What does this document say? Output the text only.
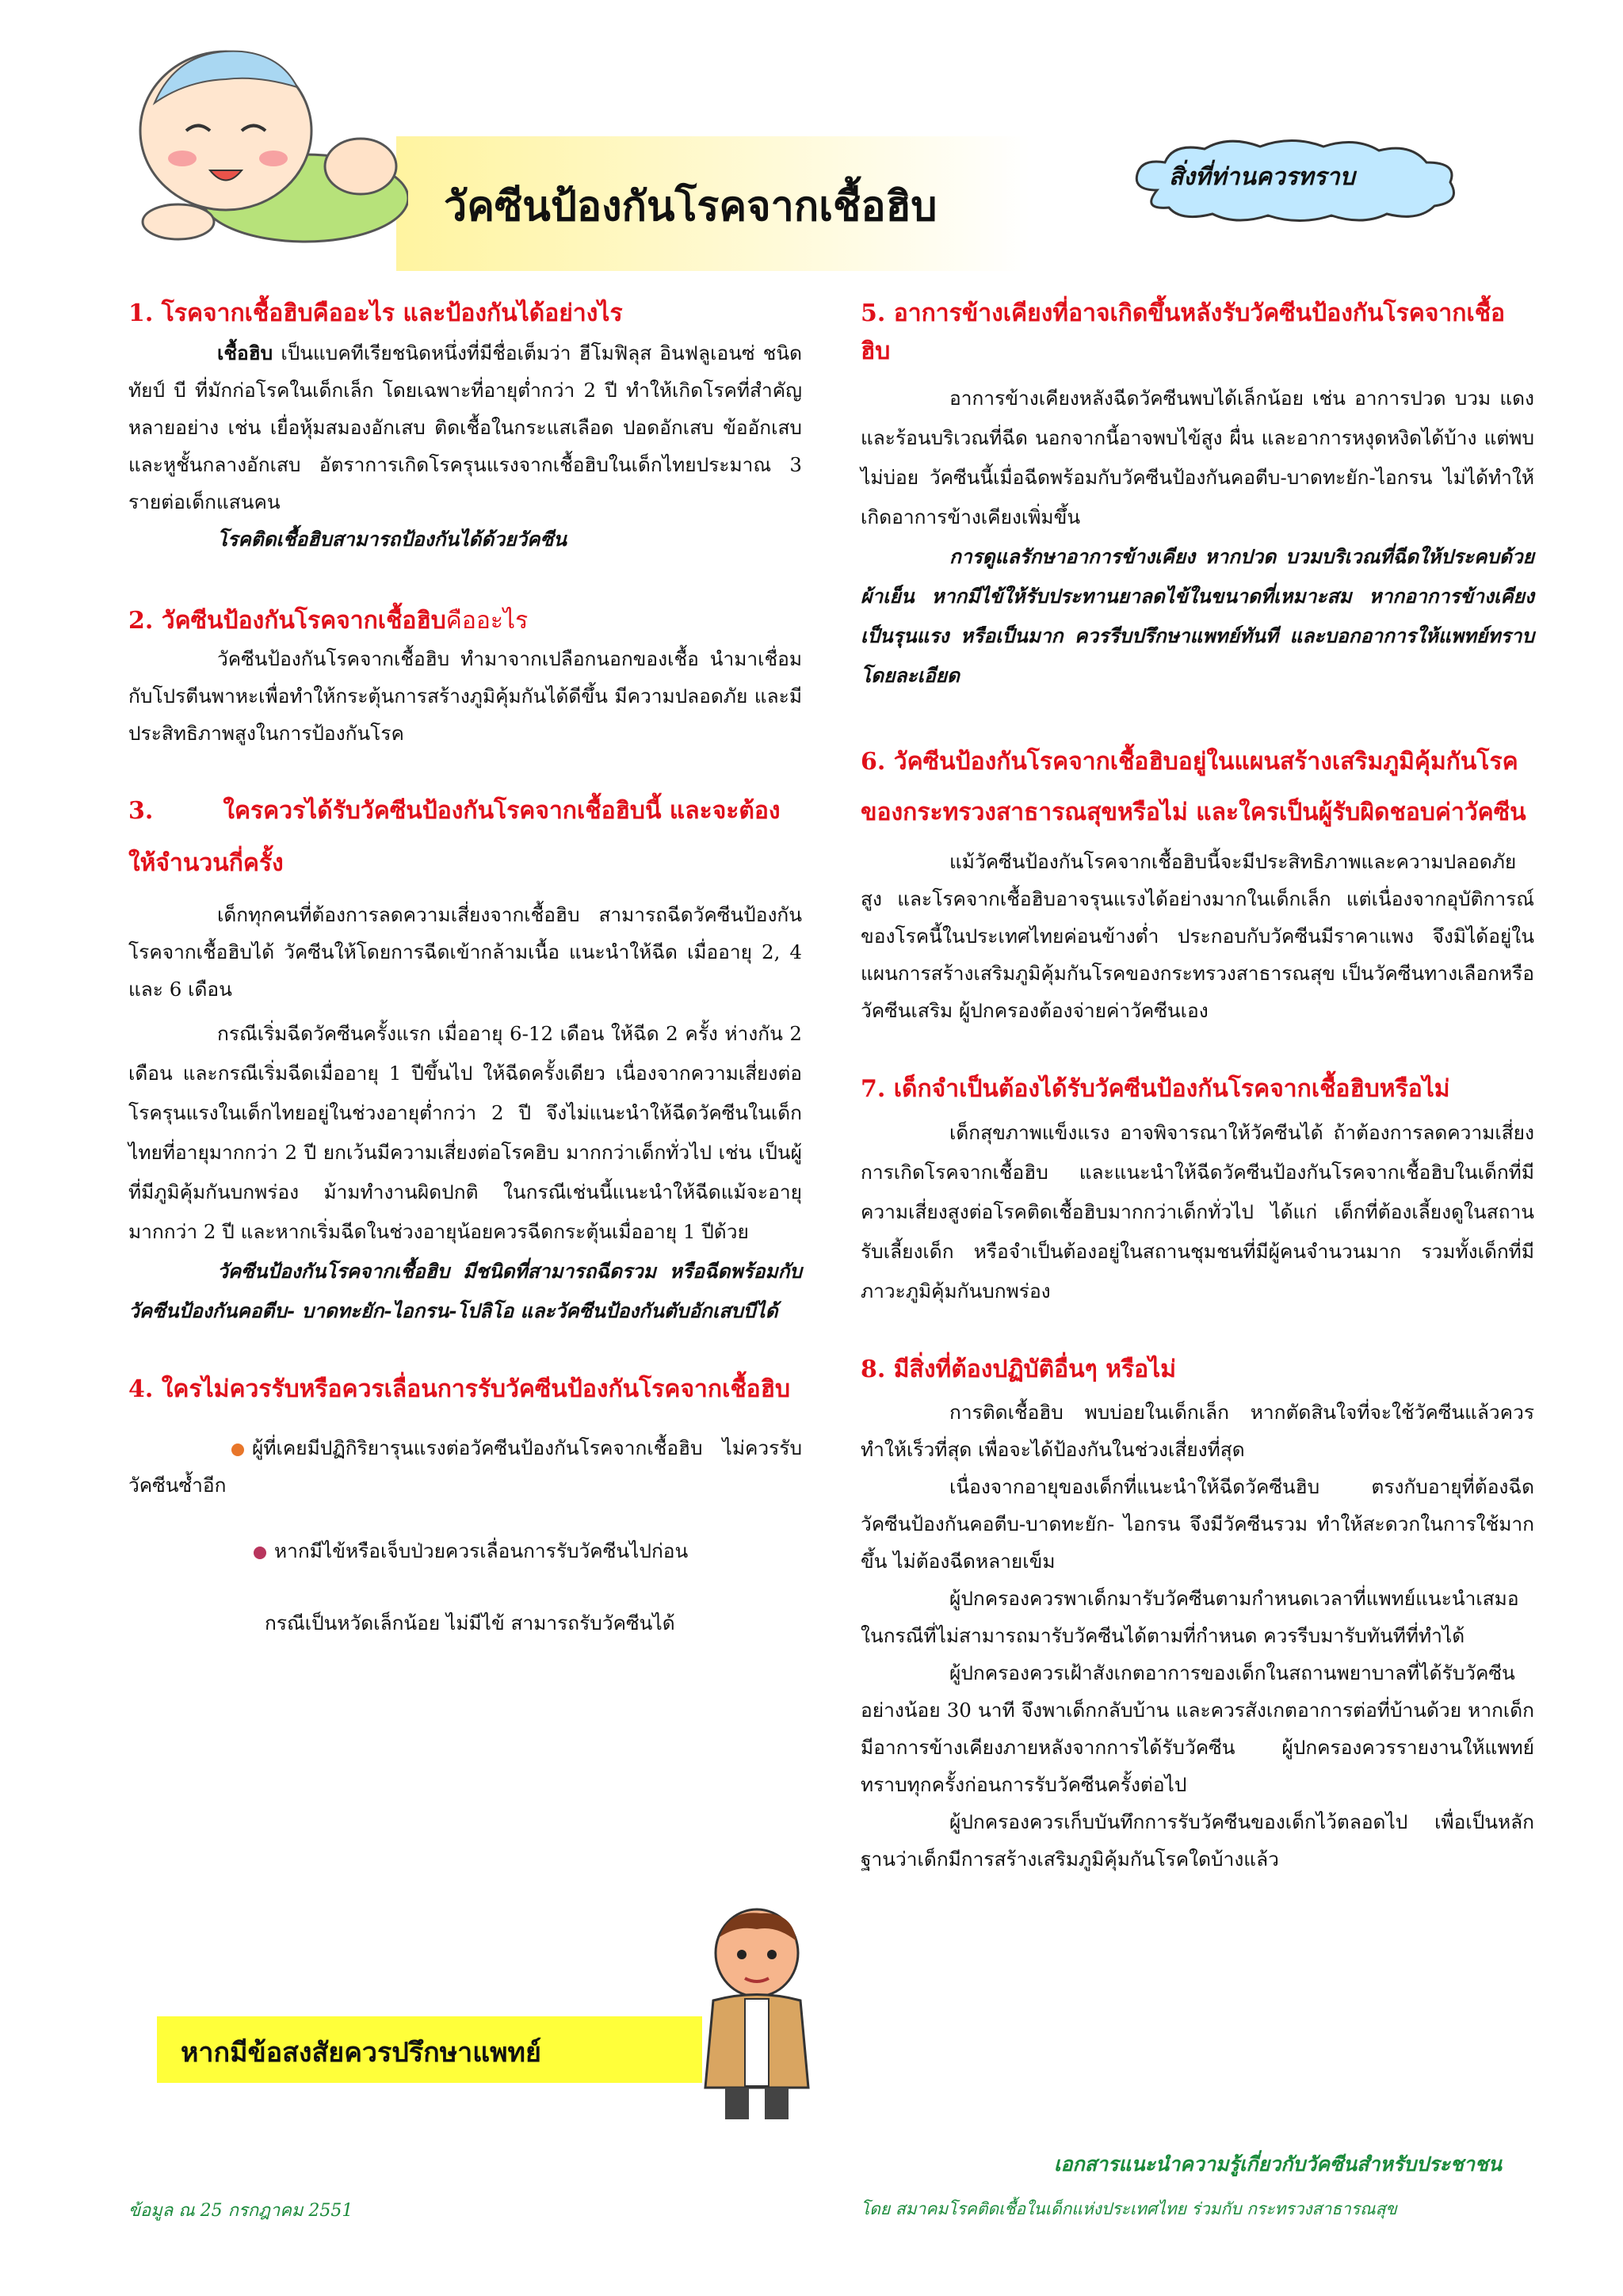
วัคซีนป้องกันโรคจากเชื้อฮิบ
สิ่งที่ท่านควรทราบ
1. โรคจากเชื้อฮิบคืออะไร และป้องกันได้อย่างไร

เชื้อฮิบ เป็นแบคทีเรียชนิดหนึ่งที่มีชื่อเต็มว่า ฮีโมฟิลุส อินฟลูเอนซ่ ชนิดทัยป์ บี ที่มักก่อโรคในเด็กเล็ก โดยเฉพาะที่อายุต่ำกว่า 2 ปี ทำให้เกิดโรคที่สำคัญหลายอย่าง เช่น เยื่อหุ้มสมองอักเสบ ติดเชื้อในกระแสเลือด ปอดอักเสบ ข้ออักเสบ และหูชั้นกลางอักเสบ อัตราการเกิดโรครุนแรงจากเชื้อฮิบในเด็กไทยประมาณ 3 รายต่อเด็กแสนคน

โรคติดเชื้อฮิบสามารถป้องกันได้ด้วยวัคซีน

2. วัคซีนป้องกันโรคจากเชื้อฮิบคืออะไร

วัคซีนป้องกันโรคจากเชื้อฮิบ ทำมาจากเปลือกนอกของเชื้อ นำมาเชื่อมกับโปรตีนพาหะเพื่อทำให้กระตุ้นการสร้างภูมิคุ้มกันได้ดีขึ้น มีความปลอดภัย และมีประสิทธิภาพสูงในการป้องกันโรค

3.	ใครควรได้รับวัคซีนป้องกันโรคจากเชื้อฮิบนี้ และจะต้องให้จำนวนกี่ครั้ง

เด็กทุกคนที่ต้องการลดความเสี่ยงจากเชื้อฮิบ สามารถฉีดวัคซีนป้องกันโรคจากเชื้อฮิบได้ วัคซีนให้โดยการฉีดเข้ากล้ามเนื้อ แนะนำให้ฉีด เมื่ออายุ 2, 4 และ 6 เดือน

กรณีเริ่มฉีดวัคซีนครั้งแรก เมื่ออายุ 6-12 เดือน ให้ฉีด 2 ครั้ง ห่างกัน 2 เดือน และกรณีเริ่มฉีดเมื่ออายุ 1 ปีขึ้นไป ให้ฉีดครั้งเดียว เนื่องจากความเสี่ยงต่อโรครุนแรงในเด็กไทยอยู่ในช่วงอายุต่ำกว่า 2 ปี จึงไม่แนะนำให้ฉีดวัคซีนในเด็กไทยที่อายุมากกว่า 2 ปี ยกเว้นมีความเสี่ยงต่อโรคฮิบ มากกว่าเด็กทั่วไป เช่น เป็นผู้ที่มีภูมิคุ้มกันบกพร่อง ม้ามทำงานผิดปกติ ในกรณีเช่นนี้แนะนำให้ฉีดแม้จะอายุมากกว่า 2 ปี และหากเริ่มฉีดในช่วงอายุน้อยควรฉีดกระตุ้นเมื่ออายุ 1 ปีด้วย

วัคซีนป้องกันโรคจากเชื้อฮิบ มีชนิดที่สามารถฉีดรวม หรือฉีดพร้อมกับวัคซีนป้องกันคอตีบ- บาดทะยัก-ไอกรน-โปลิโอ และวัคซีนป้องกันตับอักเสบบีได้

4. ใครไม่ควรรับหรือควรเลื่อนการรับวัคซีนป้องกันโรคจากเชื้อฮิบ

ผู้ที่เคยมีปฏิกิริยารุนแรงต่อวัคซีนป้องกันโรคจากเชื้อฮิบ ไม่ควรรับวัคซีนซ้ำอีก

หากมีไข้หรือเจ็บป่วยควรเลื่อนการรับวัคซีนไปก่อน

กรณีเป็นหวัดเล็กน้อย ไม่มีไข้ สามารถรับวัคซีนได้

หากมีข้อสงสัยควรปรึกษาแพทย์
5. อาการข้างเคียงที่อาจเกิดขึ้นหลังรับวัคซีนป้องกันโรคจากเชื้อฮิบ

อาการข้างเคียงหลังฉีดวัคซีนพบได้เล็กน้อย เช่น อาการปวด บวม แดง และร้อนบริเวณที่ฉีด นอกจากนี้อาจพบไข้สูง ผื่น และอาการหงุดหงิดได้บ้าง แต่พบไม่บ่อย วัคซีนนี้เมื่อฉีดพร้อมกับวัคซีนป้องกันคอตีบ-บาดทะยัก-ไอกรน ไม่ได้ทำให้เกิดอาการข้างเคียงเพิ่มขึ้น

การดูแลรักษาอาการข้างเคียง หากปวด บวมบริเวณที่ฉีดให้ประคบด้วยผ้าเย็น หากมีไข้ให้รับประทานยาลดไข้ในขนาดที่เหมาะสม หากอาการข้างเคียงเป็นรุนแรง หรือเป็นมาก ควรรีบปรึกษาแพทย์ทันที และบอกอาการให้แพทย์ทราบโดยละเอียด

6. วัคซีนป้องกันโรคจากเชื้อฮิบอยู่ในแผนสร้างเสริมภูมิคุ้มกันโรคของกระทรวงสาธารณสุขหรือไม่ และใครเป็นผู้รับผิดชอบค่าวัคซีน

แม้วัคซีนป้องกันโรคจากเชื้อฮิบนี้จะมีประสิทธิภาพและความปลอดภัยสูง และโรคจากเชื้อฮิบอาจรุนแรงได้อย่างมากในเด็กเล็ก แต่เนื่องจากอุบัติการณ์ของโรคนี้ในประเทศไทยค่อนข้างต่ำ ประกอบกับวัคซีนมีราคาแพง จึงมิได้อยู่ในแผนการสร้างเสริมภูมิคุ้มกันโรคของกระทรวงสาธารณสุข เป็นวัคซีนทางเลือกหรือวัคซีนเสริม ผู้ปกครองต้องจ่ายค่าวัคซีนเอง

7. เด็กจำเป็นต้องได้รับวัคซีนป้องกันโรคจากเชื้อฮิบหรือไม่

เด็กสุขภาพแข็งแรง อาจพิจารณาให้วัคซีนได้ ถ้าต้องการลดความเสี่ยงการเกิดโรคจากเชื้อฮิบ และแนะนำให้ฉีดวัคซีนป้องกันโรคจากเชื้อฮิบในเด็กที่มีความเสี่ยงสูงต่อโรคติดเชื้อฮิบมากกว่าเด็กทั่วไป ได้แก่ เด็กที่ต้องเลี้ยงดูในสถานรับเลี้ยงเด็ก หรือจำเป็นต้องอยู่ในสถานชุมชนที่มีผู้คนจำนวนมาก รวมทั้งเด็กที่มีภาวะภูมิคุ้มกันบกพร่อง

8. มีสิ่งที่ต้องปฏิบัติอื่นๆ หรือไม่

การติดเชื้อฮิบ พบบ่อยในเด็กเล็ก หากตัดสินใจที่จะใช้วัคซีนแล้วควรทำให้เร็วที่สุด เพื่อจะได้ป้องกันในช่วงเสี่ยงที่สุด

เนื่องจากอายุของเด็กที่แนะนำให้ฉีดวัคซีนฮิบ ตรงกับอายุที่ต้องฉีดวัคซีนป้องกันคอตีบ-บาดทะยัก- ไอกรน จึงมีวัคซีนรวม ทำให้สะดวกในการใช้มากขึ้น ไม่ต้องฉีดหลายเข็ม

ผู้ปกครองควรพาเด็กมารับวัคซีนตามกำหนดเวลาที่แพทย์แนะนำเสมอ ในกรณีที่ไม่สามารถมารับวัคซีนได้ตามที่กำหนด ควรรีบมารับทันทีที่ทำได้

ผู้ปกครองควรเฝ้าสังเกตอาการของเด็กในสถานพยาบาลที่ได้รับวัคซีนอย่างน้อย 30 นาที จึงพาเด็กกลับบ้าน และควรสังเกตอาการต่อที่บ้านด้วย หากเด็กมีอาการข้างเคียงภายหลังจากการได้รับวัคซีน ผู้ปกครองควรรายงานให้แพทย์ทราบทุกครั้งก่อนการรับวัคซีนครั้งต่อไป

ผู้ปกครองควรเก็บบันทึกการรับวัคซีนของเด็กไว้ตลอดไป เพื่อเป็นหลักฐานว่าเด็กมีการสร้างเสริมภูมิคุ้มกันโรคใดบ้างแล้ว

เอกสารแนะนำความรู้เกี่ยวกับวัคซีนสำหรับประชาชน
ข้อมูล ณ 25 กรกฎาคม 2551	โดย สมาคมโรคติดเชื้อในเด็กแห่งประเทศไทย ร่วมกับ กระทรวงสาธารณสุข
